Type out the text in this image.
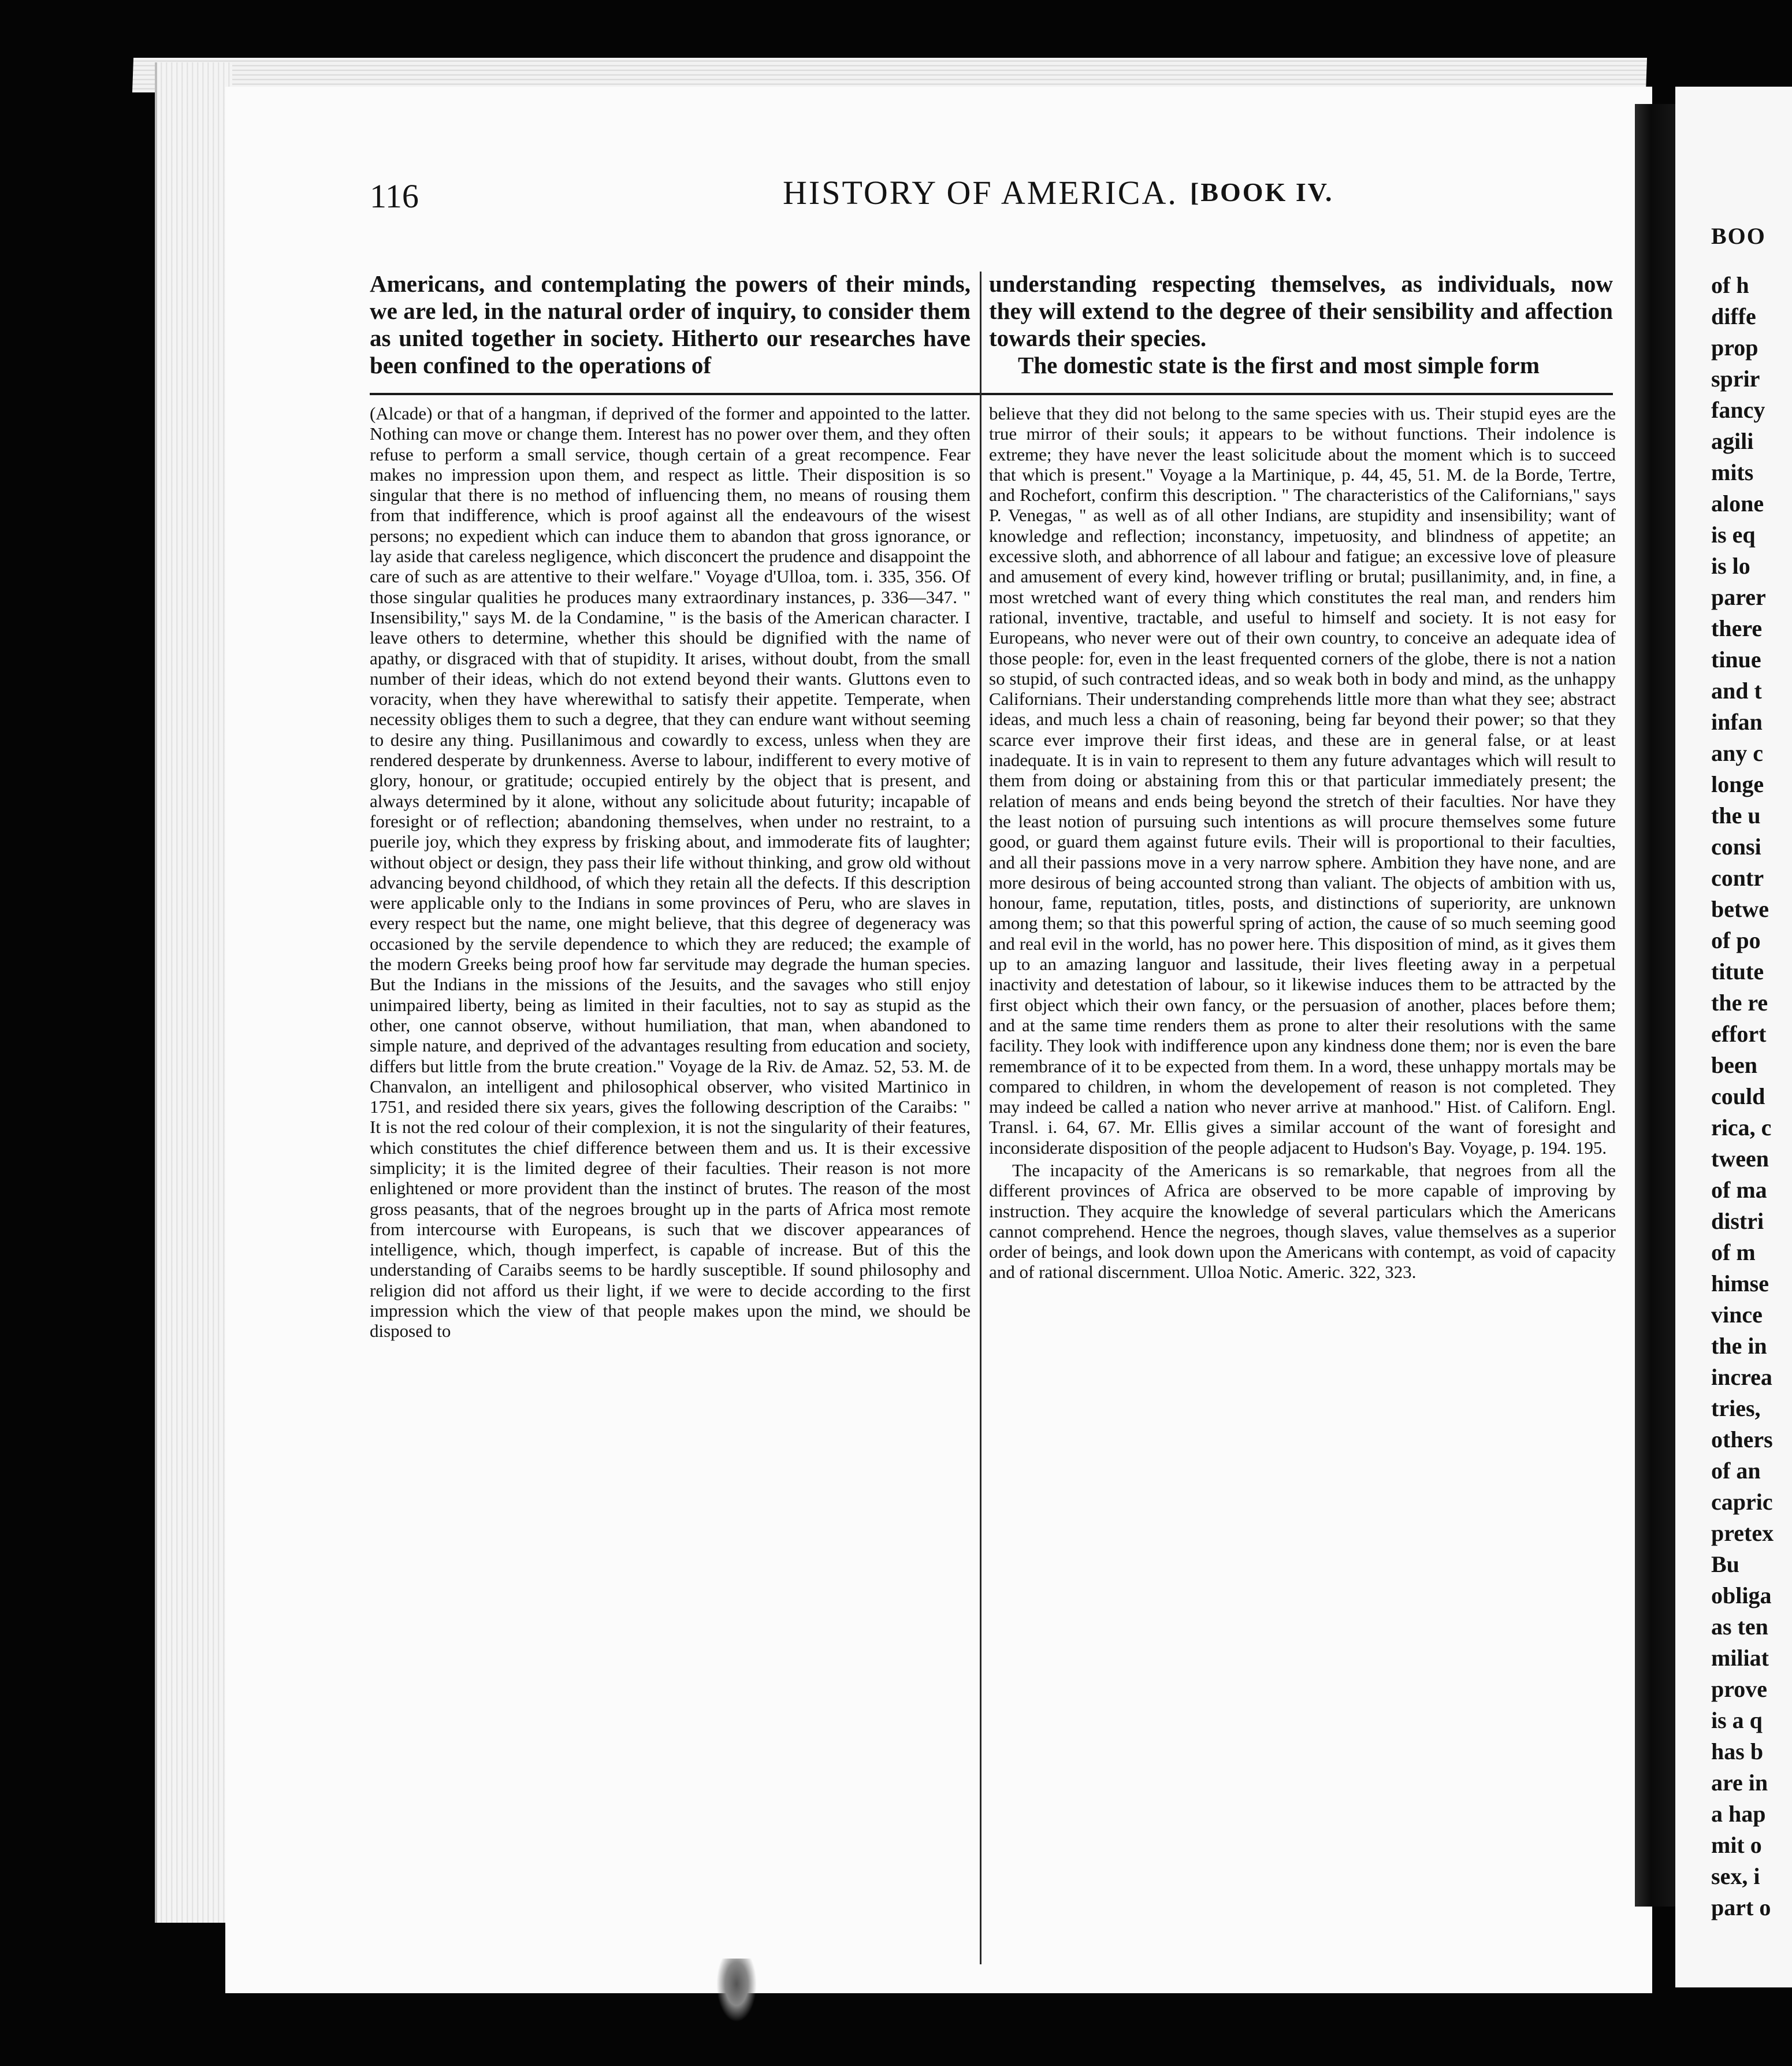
116	HISTORY OF AMERICA. [BOOK IV.

Americans, and contemplating the powers of their minds, we are led, in the natural order of inquiry, to consider them as united together in society. Hitherto our researches have been confined to the operations of

understanding respecting themselves, as individuals, now they will extend to the degree of their sensibility and affection towards their species.

The domestic state is the first and most simple form

(Alcade) or that of a hangman, if deprived of the former and appointed to the latter. Nothing can move or change them. Interest has no power over them, and they often refuse to perform a small service, though certain of a great recompence. Fear makes no impression upon them, and respect as little. Their disposition is so singular that there is no method of influencing them, no means of rousing them from that indifference, which is proof against all the endeavours of the wisest persons; no expedient which can induce them to abandon that gross ignorance, or lay aside that careless negligence, which disconcert the prudence and disappoint the care of such as are attentive to their welfare." Voyage d'Ulloa, tom. i. 335, 356. Of those singular qualities he produces many extraordinary instances, p. 336—347. " Insensibility," says M. de la Condamine, " is the basis of the American character. I leave others to determine, whether this should be dignified with the name of apathy, or disgraced with that of stupidity. It arises, without doubt, from the small number of their ideas, which do not extend beyond their wants. Gluttons even to voracity, when they have wherewithal to satisfy their appetite. Temperate, when necessity obliges them to such a degree, that they can endure want without seeming to desire any thing. Pusillanimous and cowardly to excess, unless when they are rendered desperate by drunkenness. Averse to labour, indifferent to every motive of glory, honour, or gratitude; occupied entirely by the object that is present, and always determined by it alone, without any solicitude about futurity; incapable of foresight or of reflection; abandoning themselves, when under no restraint, to a puerile joy, which they express by frisking about, and immoderate fits of laughter; without object or design, they pass their life without thinking, and grow old without advancing beyond childhood, of which they retain all the defects. If this description were applicable only to the Indians in some provinces of Peru, who are slaves in every respect but the name, one might believe, that this degree of degeneracy was occasioned by the servile dependence to which they are reduced; the example of the modern Greeks being proof how far servitude may degrade the human species. But the Indians in the missions of the Jesuits, and the savages who still enjoy unimpaired liberty, being as limited in their faculties, not to say as stupid as the other, one cannot observe, without humiliation, that man, when abandoned to simple nature, and deprived of the advantages resulting from education and society, differs but little from the brute creation." Voyage de la Riv. de Amaz. 52, 53. M. de Chanvalon, an intelligent and philosophical observer, who visited Martinico in 1751, and resided there six years, gives the following description of the Caraibs: " It is not the red colour of their complexion, it is not the singularity of their features, which constitutes the chief difference between them and us. It is their excessive simplicity; it is the limited degree of their faculties. Their reason is not more enlightened or more provident than the instinct of brutes. The reason of the most gross peasants, that of the negroes brought up in the parts of Africa most remote from intercourse with Europeans, is such that we discover appearances of intelligence, which, though imperfect, is capable of increase. But of this the understanding of Caraibs seems to be hardly susceptible. If sound philosophy and religion did not afford us their light, if we were to decide according to the first impression which the view of that people makes upon the mind, we should be disposed to

believe that they did not belong to the same species with us. Their stupid eyes are the true mirror of their souls; it appears to be without functions. Their indolence is extreme; they have never the least solicitude about the moment which is to succeed that which is present." Voyage a la Martinique, p. 44, 45, 51. M. de la Borde, Tertre, and Rochefort, confirm this description. " The characteristics of the Californians," says P. Venegas, " as well as of all other Indians, are stupidity and insensibility; want of knowledge and reflection; inconstancy, impetuosity, and blindness of appetite; an excessive sloth, and abhorrence of all labour and fatigue; an excessive love of pleasure and amusement of every kind, however trifling or brutal; pusillanimity, and, in fine, a most wretched want of every thing which constitutes the real man, and renders him rational, inventive, tractable, and useful to himself and society. It is not easy for Europeans, who never were out of their own country, to conceive an adequate idea of those people: for, even in the least frequented corners of the globe, there is not a nation so stupid, of such contracted ideas, and so weak both in body and mind, as the unhappy Californians. Their understanding comprehends little more than what they see; abstract ideas, and much less a chain of reasoning, being far beyond their power; so that they scarce ever improve their first ideas, and these are in general false, or at least inadequate. It is in vain to represent to them any future advantages which will result to them from doing or abstaining from this or that particular immediately present; the relation of means and ends being beyond the stretch of their faculties. Nor have they the least notion of pursuing such intentions as will procure themselves some future good, or guard them against future evils. Their will is proportional to their faculties, and all their passions move in a very narrow sphere. Ambition they have none, and are more desirous of being accounted strong than valiant. The objects of ambition with us, honour, fame, reputation, titles, posts, and distinctions of superiority, are unknown among them; so that this powerful spring of action, the cause of so much seeming good and real evil in the world, has no power here. This disposition of mind, as it gives them up to an amazing languor and lassitude, their lives fleeting away in a perpetual inactivity and detestation of labour, so it likewise induces them to be attracted by the first object which their own fancy, or the persuasion of another, places before them; and at the same time renders them as prone to alter their resolutions with the same facility. They look with indifference upon any kindness done them; nor is even the bare remembrance of it to be expected from them. In a word, these unhappy mortals may be compared to children, in whom the developement of reason is not completed. They may indeed be called a nation who never arrive at manhood." Hist. of Californ. Engl. Transl. i. 64, 67. Mr. Ellis gives a similar account of the want of foresight and inconsiderate disposition of the people adjacent to Hudson's Bay. Voyage, p. 194. 195.

The incapacity of the Americans is so remarkable, that negroes from all the different provinces of Africa are observed to be more capable of improving by instruction. They acquire the knowledge of several particulars which the Americans cannot comprehend. Hence the negroes, though slaves, value themselves as a superior order of beings, and look down upon the Americans with contempt, as void of capacity and of rational discernment. Ulloa Notic. Americ. 322, 323.

BOO
of h
diffe
prop
sprir
fancy
agili
mits
alone
is eq
is lo
parer
there
tinue
and t
infan
any c
longe
the u
consi
contr
betwe
of po
titute
the re
effort
been
could
rica, c
tween
of ma
distri
of m
himse
vince
the in
increa
tries,
others
of an
capric
pretex
Bu
obliga
as ten
miliat
prove
is a q
has b
are in
a hap
mit o
sex, i
part o
